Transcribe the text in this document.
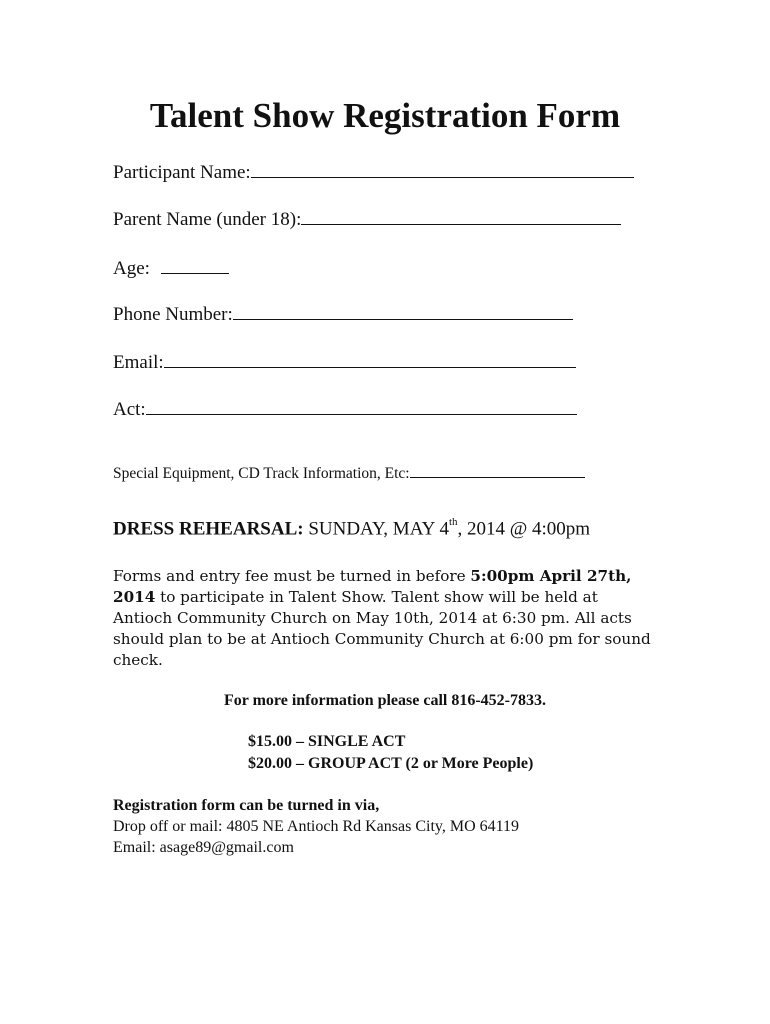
Talent Show Registration Form
Participant Name:
Parent Name (under 18):
Age:
Phone Number:
Email:
Act:
Special Equipment, CD Track Information, Etc:
DRESS REHEARSAL: SUNDAY, MAY 4th, 2014 @ 4:00pm
Forms and entry fee must be turned in before 5:00pm April 27th, 2014 to participate in Talent Show. Talent show will be held at Antioch Community Church on May 10th, 2014 at 6:30 pm. All acts should plan to be at Antioch Community Church at 6:00 pm for sound check.
For more information please call 816-452-7833.
$15.00 – SINGLE ACT
$20.00 – GROUP ACT (2 or More People)
Registration form can be turned in via,
Drop off or mail: 4805 NE Antioch Rd Kansas City, MO 64119
Email: asage89@gmail.com
